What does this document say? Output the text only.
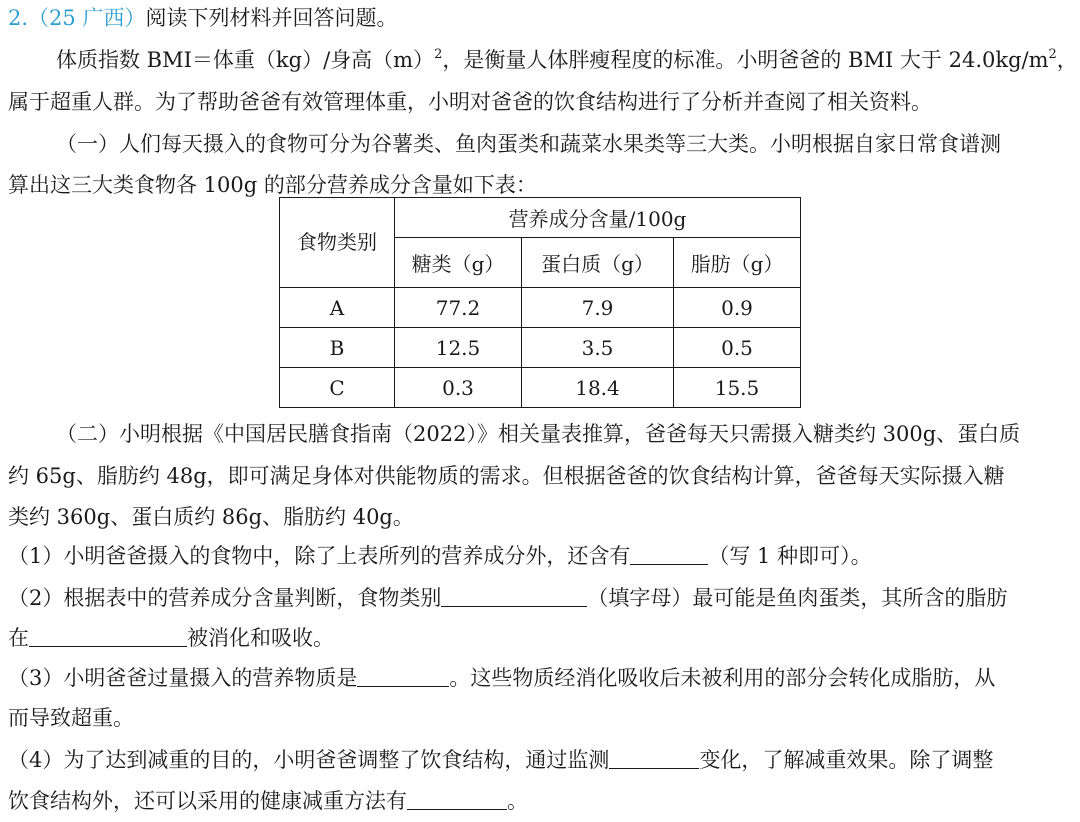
2.（25 广西）阅读下列材料并回答问题。
体质指数 BMI＝体重（kg）/身高$(m)^2$，是衡量人体胖瘦程度的标准。小明爸爸的 BMI 大于 $24.0kg/m^2$，
属于超重人群。为了帮助爸爸有效管理体重，小明对爸爸的饮食结构进行了分析并查阅了相关资料。
（一）人们每天摄入的食物可分为谷薯类、鱼肉蛋类和蔬菜水果类等三大类。小明根据自家日常食谱测
算出这三大类食物各 100g 的部分营养成分含量如下表：
食物类别	营养成分含量/100g		
	糖类（g）	蛋白质（g）	脂肪（g）
A	77.2	7.9	0.9
B	12.5	3.5	0.5
C	0.3	18.4	15.5
（二）小明根据《中国居民膳食指南（2022）》相关量表推算，爸爸每天只需摄入糖类约 300g、蛋白质
约 65g、脂肪约 48g，即可满足身体对供能物质的需求。但根据爸爸的饮食结构计算，爸爸每天实际摄入糖
类约 360g、蛋白质约 86g、脂肪约 40g。
（1）小明爸爸摄入的食物中，除了上表所列的营养成分外，还含有	（写 1 种即可）。
（2）根据表中的营养成分含量判断，食物类别	（填字母）最可能是鱼肉蛋类，其所含的脂肪
在	被消化和吸收。
（3）小明爸爸过量摄入的营养物质是	。这些物质经消化吸收后未被利用的部分会转化成脂肪，从
而导致超重。
（4）为了达到减重的目的，小明爸爸调整了饮食结构，通过监测	变化，了解减重效果。除了调整
饮食结构外，还可以采用的健康减重方法有	。
